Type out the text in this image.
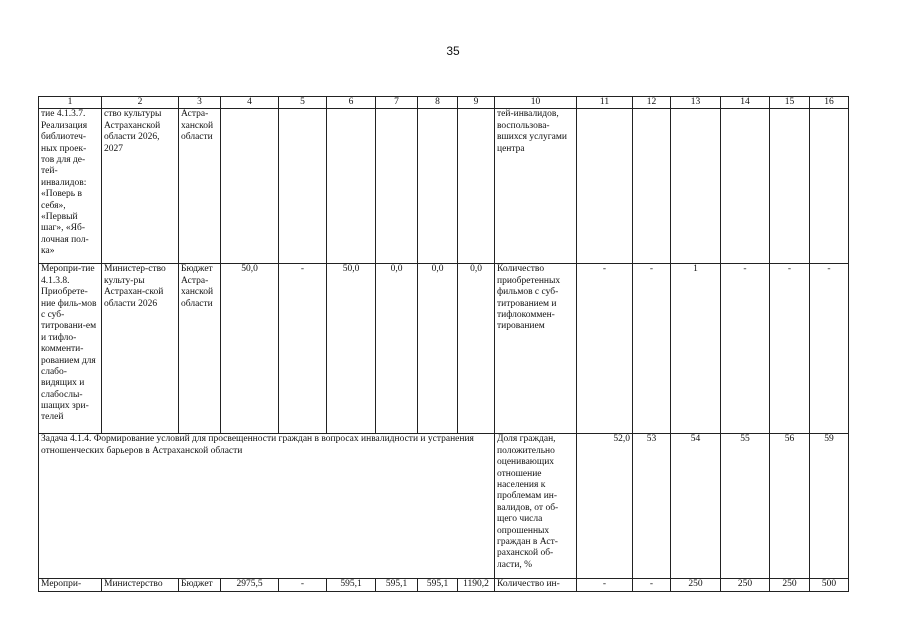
35
1	2	3	4	5	6	7	8	9	10	11	12	13	14	15	16
тие 4.1.3.7. Реализация библиотеч-ных проек-тов для де-тей-инвалидов: «Поверь в себя», «Первый шаг», «Яб-лочная пол-ка»	ство культуры Астраханской области 2026, 2027	Астра-ханской области							тей-инвалидов, воспользова-вшихся услугами центра						
Меропри-тие 4.1.3.8. Приобрете-ние филь-мов с суб-титровани-ем и тифло-комменти-рованием для слабо-видящих и слабослы-шащих зри-телей	Министер-ство культу-ры Астрахан-ской области 2026	Бюджет Астра-ханской области	50,0	-	50,0	0,0	0,0	0,0	Количество приобретенных фильмов с суб-титрованием и тифлокоммен-тированием	-	-	1	-	-	-
Задача 4.1.4. Формирование условий для просвещенности граждан в вопросах инвалидности и устранения отношенческих барьеров в Астраханской области									Доля граждан, положительно оценивающих отношение населения к проблемам ин-валидов, от об-щего числа опрошенных граждан в Аст-раханской об-ласти, %	52,0	53	54	55	56	59
Меропри-	Министерство	Бюджет	2975,5	-	595,1	595,1	595,1	1190,2	Количество ин-	-	-	250	250	250	500
